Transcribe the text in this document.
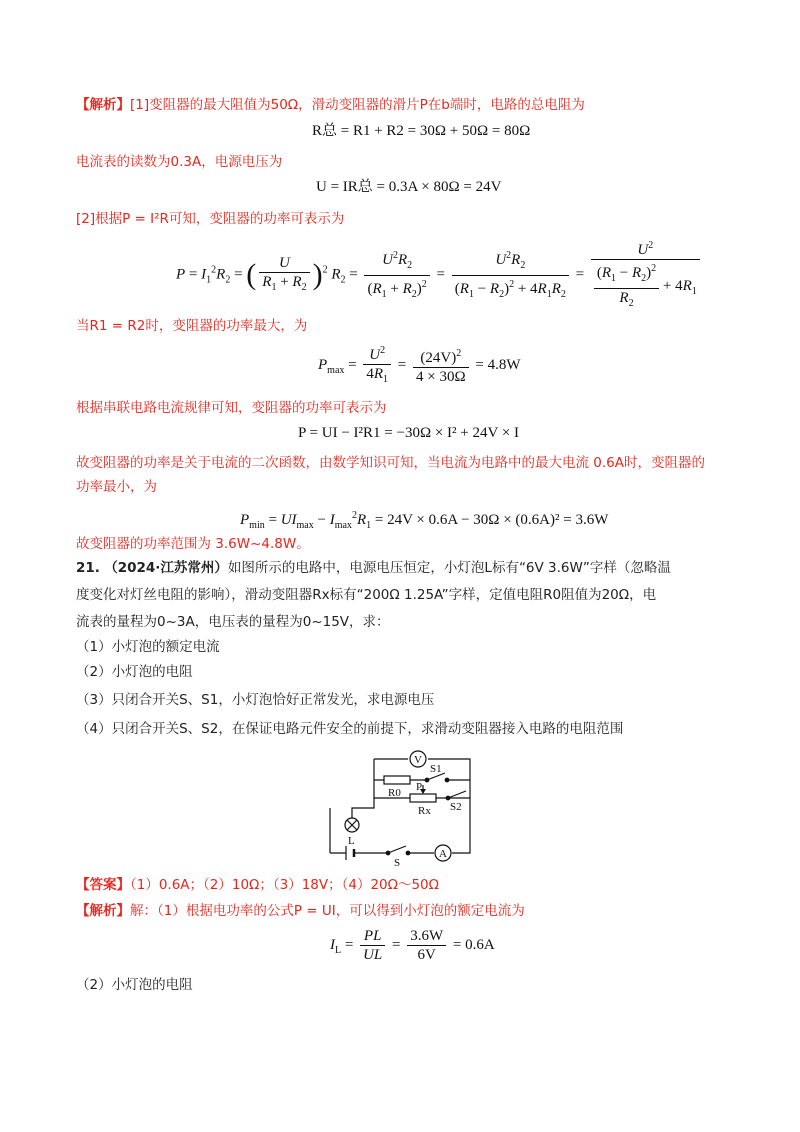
【解析】[1]变阻器的最大阻值为50Ω，滑动变阻器的滑片P在b端时，电路的总电阻为
R总 = R1 + R2 = 30Ω + 50Ω = 80Ω
电流表的读数为0.3A，电源电压为
U = IR总 = 0.3A × 80Ω = 24V
[2]根据P = I²R可知，变阻器的功率可表示为
$P = I_1^2R_2$ = ( $\frac{U}{R_1 + R_2} )^2$ $R_2 = \frac{U^2R_2}{(R_1 + R_2)^2} = \frac{U^2R_2}{(R_1 - R_2)^2 + 4R_1R_2} = \frac{U^2}{\frac{(R_1 - R_2)^2}{R_2} + 4R_1}$
当R1 = R2时，变阻器的功率最大，为
$P_{max} = \frac{U^2}{4R_1} = \frac{(24V)^2}{4 \times 30\Omega} = 4.8W$
根据串联电路电流规律可知，变阻器的功率可表示为
P = UI − I²R1 = −30Ω × I² + 24V × I
故变阻器的功率是关于电流的二次函数，由数学知识可知，当电流为电路中的最大电流 0.6A时，变阻器的
功率最小，为
$P_{min} = UI_{max} - I_{max}^2R_1 = 24V \times 0.6A - 30\Omega \times (0.6A)^2 = 3.6W$
故变阻器的功率范围为 3.6W~4.8W。
21. （2024·江苏常州）如图所示的电路中，电源电压恒定，小灯泡L标有“6V 3.6W”字样（忽略温
度变化对灯丝电阻的影响），滑动变阻器Rx标有“200Ω 1.25A”字样，定值电阻R0阻值为20Ω，电
流表的量程为0~3A，电压表的量程为0~15V，求：
（1）小灯泡的额定电流
（2）小灯泡的电阻
（3）只闭合开关S、S1，小灯泡恰好正常发光，求电源电压
（4）只闭合开关S、S2，在保证电路元件安全的前提下，求滑动变阻器接入电路的电阻范围
V
R0
S1
P
Rx S2
L
S
A
【答案】（1）0.6A；（2）10Ω；（3）18V；（4）20Ω～50Ω
【解析】解：（1）根据电功率的公式P = UI，可以得到小灯泡的额定电流为
$I_L = \frac{PL}{UL} = \frac{3.6W}{6V} = 0.6A$
（2）小灯泡的电阻
